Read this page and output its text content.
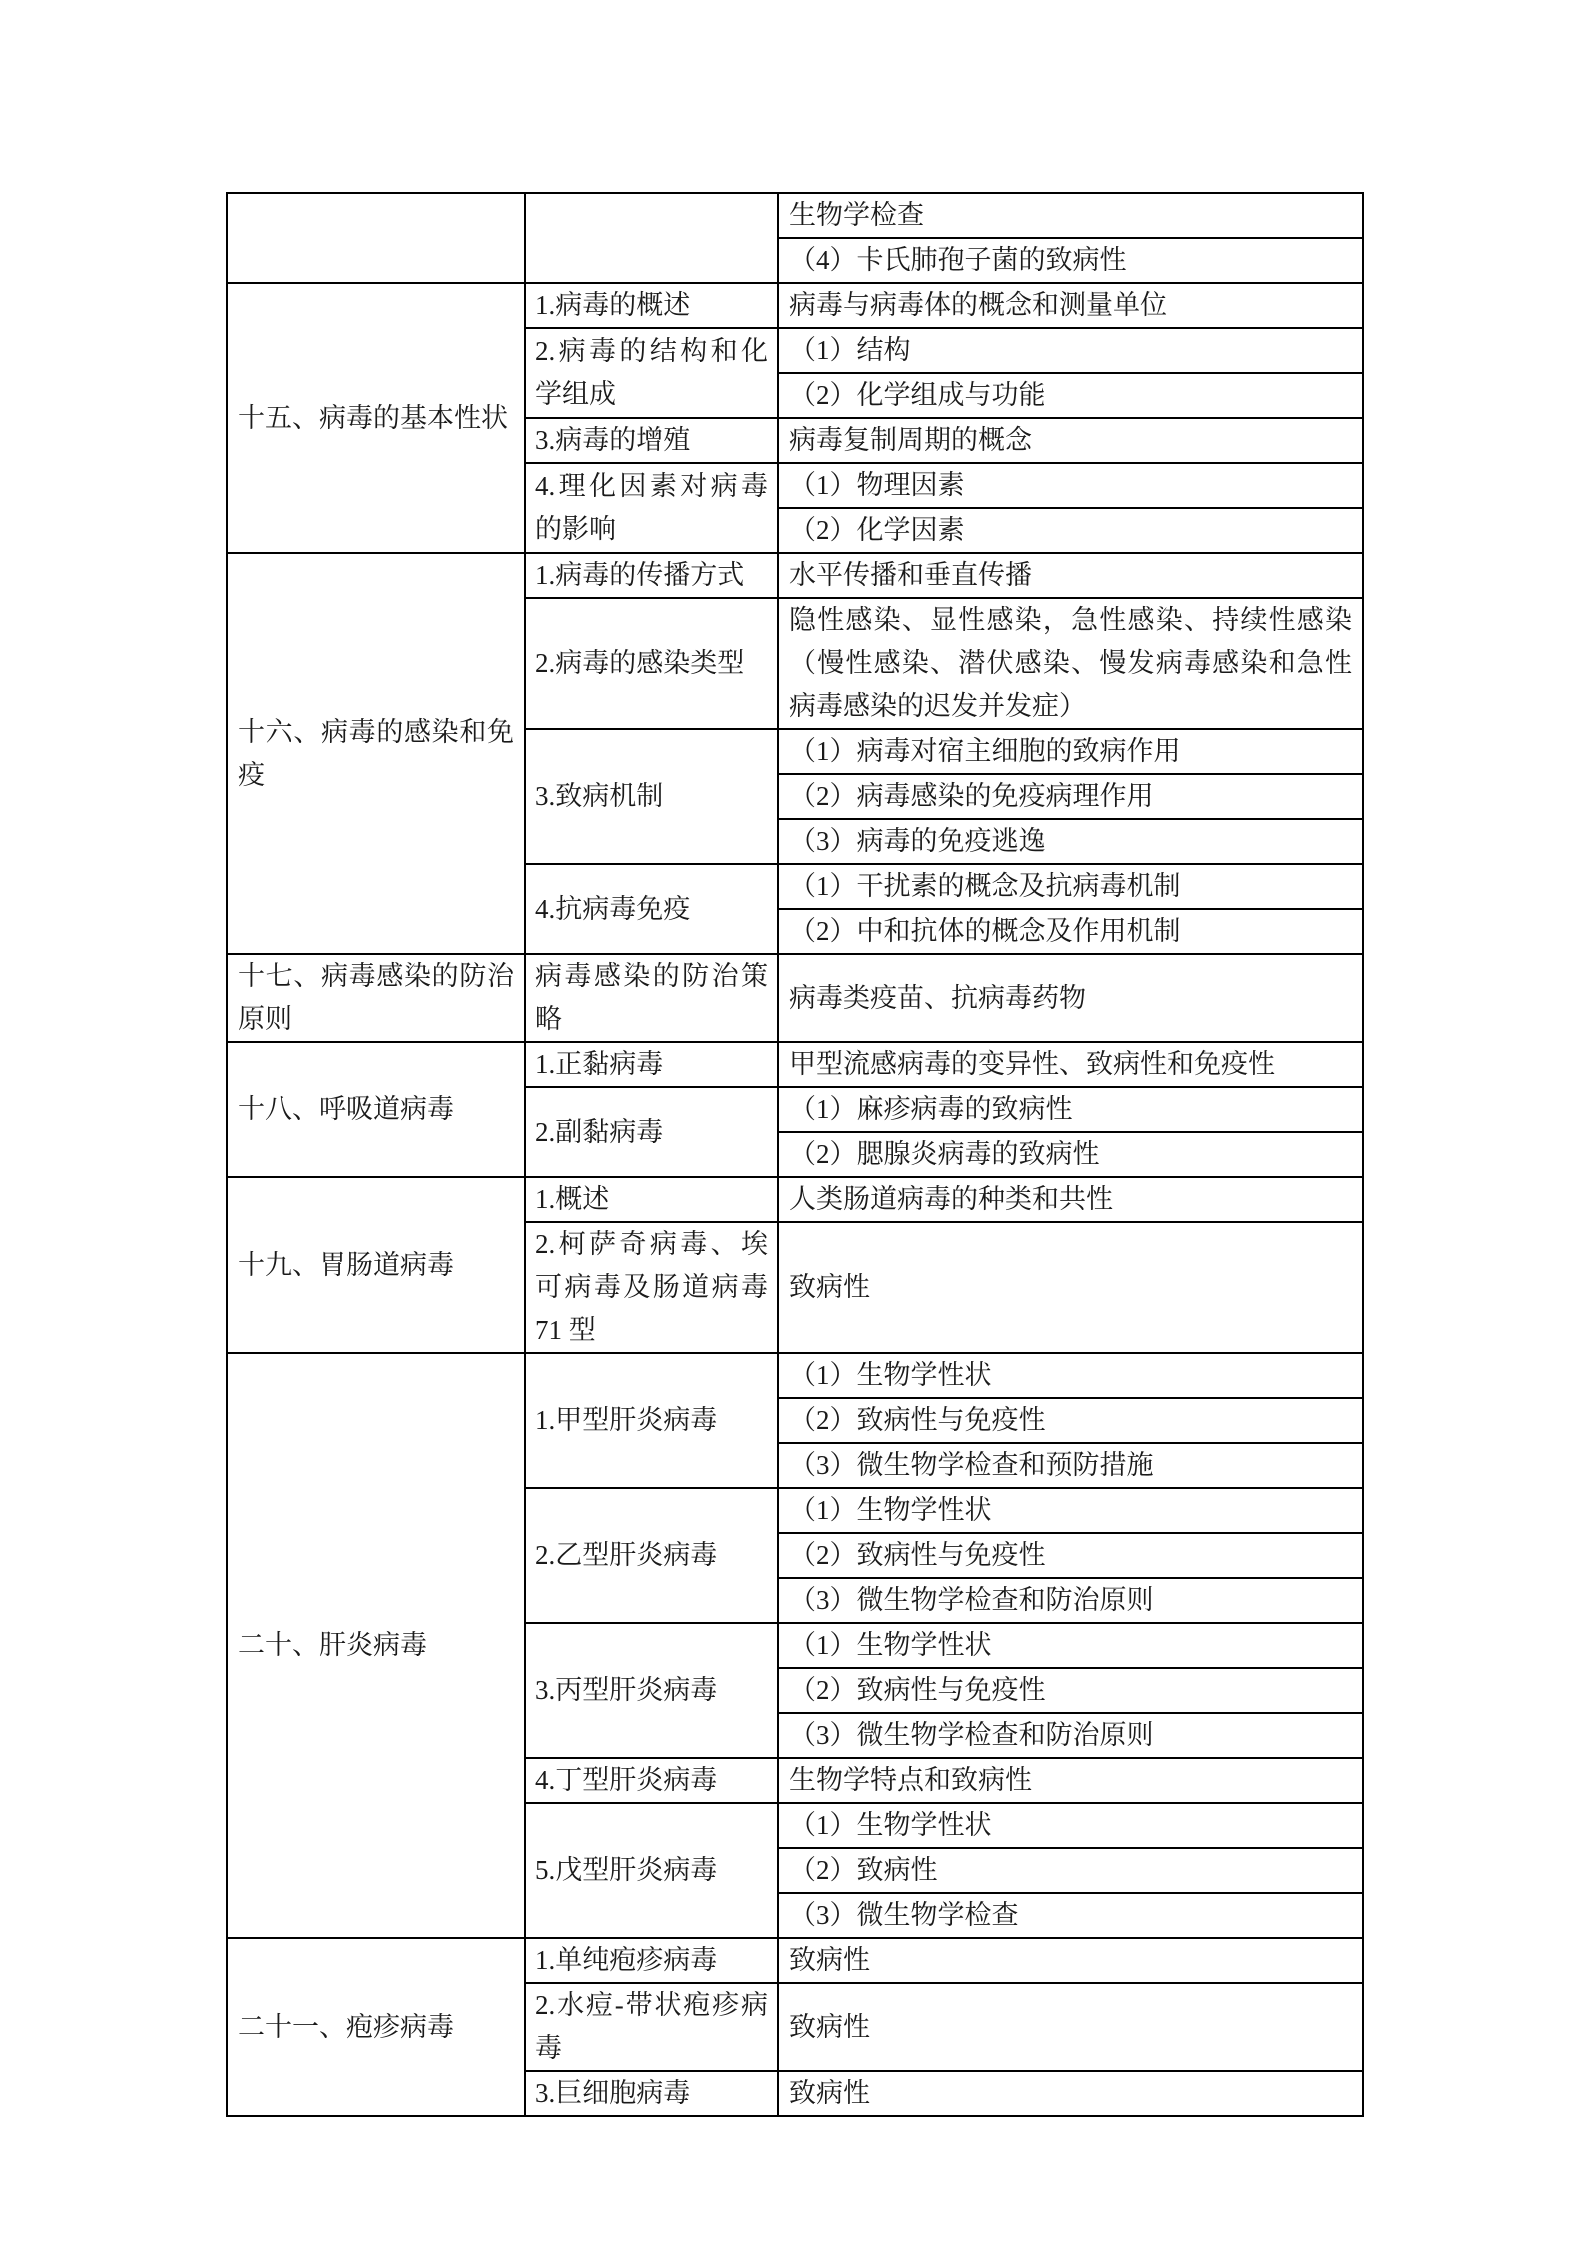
		生物学检查
		（4）卡氏肺孢子菌的致病性
十五、病毒的基本性状	1.病毒的概述	病毒与病毒体的概念和测量单位
	2.病毒的结构和化学组成	（1）结构
		（2）化学组成与功能
	3.病毒的增殖	病毒复制周期的概念
	4.理化因素对病毒的影响	（1）物理因素
		（2）化学因素
十六、病毒的感染和免疫	1.病毒的传播方式	水平传播和垂直传播
	2.病毒的感染类型	隐性感染、显性感染，急性感染、持续性感染（慢性感染、潜伏感染、慢发病毒感染和急性病毒感染的迟发并发症）
	3.致病机制	（1）病毒对宿主细胞的致病作用
		（2）病毒感染的免疫病理作用
		（3）病毒的免疫逃逸
	4.抗病毒免疫	（1）干扰素的概念及抗病毒机制
		（2）中和抗体的概念及作用机制
十七、病毒感染的防治原则	病毒感染的防治策略	病毒类疫苗、抗病毒药物
十八、呼吸道病毒	1.正黏病毒	甲型流感病毒的变异性、致病性和免疫性
	2.副黏病毒	（1）麻疹病毒的致病性
		（2）腮腺炎病毒的致病性
十九、胃肠道病毒	1.概述	人类肠道病毒的种类和共性
	2.柯萨奇病毒、埃可病毒及肠道病毒 71 型	致病性
二十、肝炎病毒	1.甲型肝炎病毒	（1）生物学性状
		（2）致病性与免疫性
		（3）微生物学检查和预防措施
	2.乙型肝炎病毒	（1）生物学性状
		（2）致病性与免疫性
		（3）微生物学检查和防治原则
	3.丙型肝炎病毒	（1）生物学性状
		（2）致病性与免疫性
		（3）微生物学检查和防治原则
	4.丁型肝炎病毒	生物学特点和致病性
	5.戊型肝炎病毒	（1）生物学性状
		（2）致病性
		（3）微生物学检查
二十一、疱疹病毒	1.单纯疱疹病毒	致病性
	2.水痘-带状疱疹病毒	致病性
	3.巨细胞病毒	致病性
